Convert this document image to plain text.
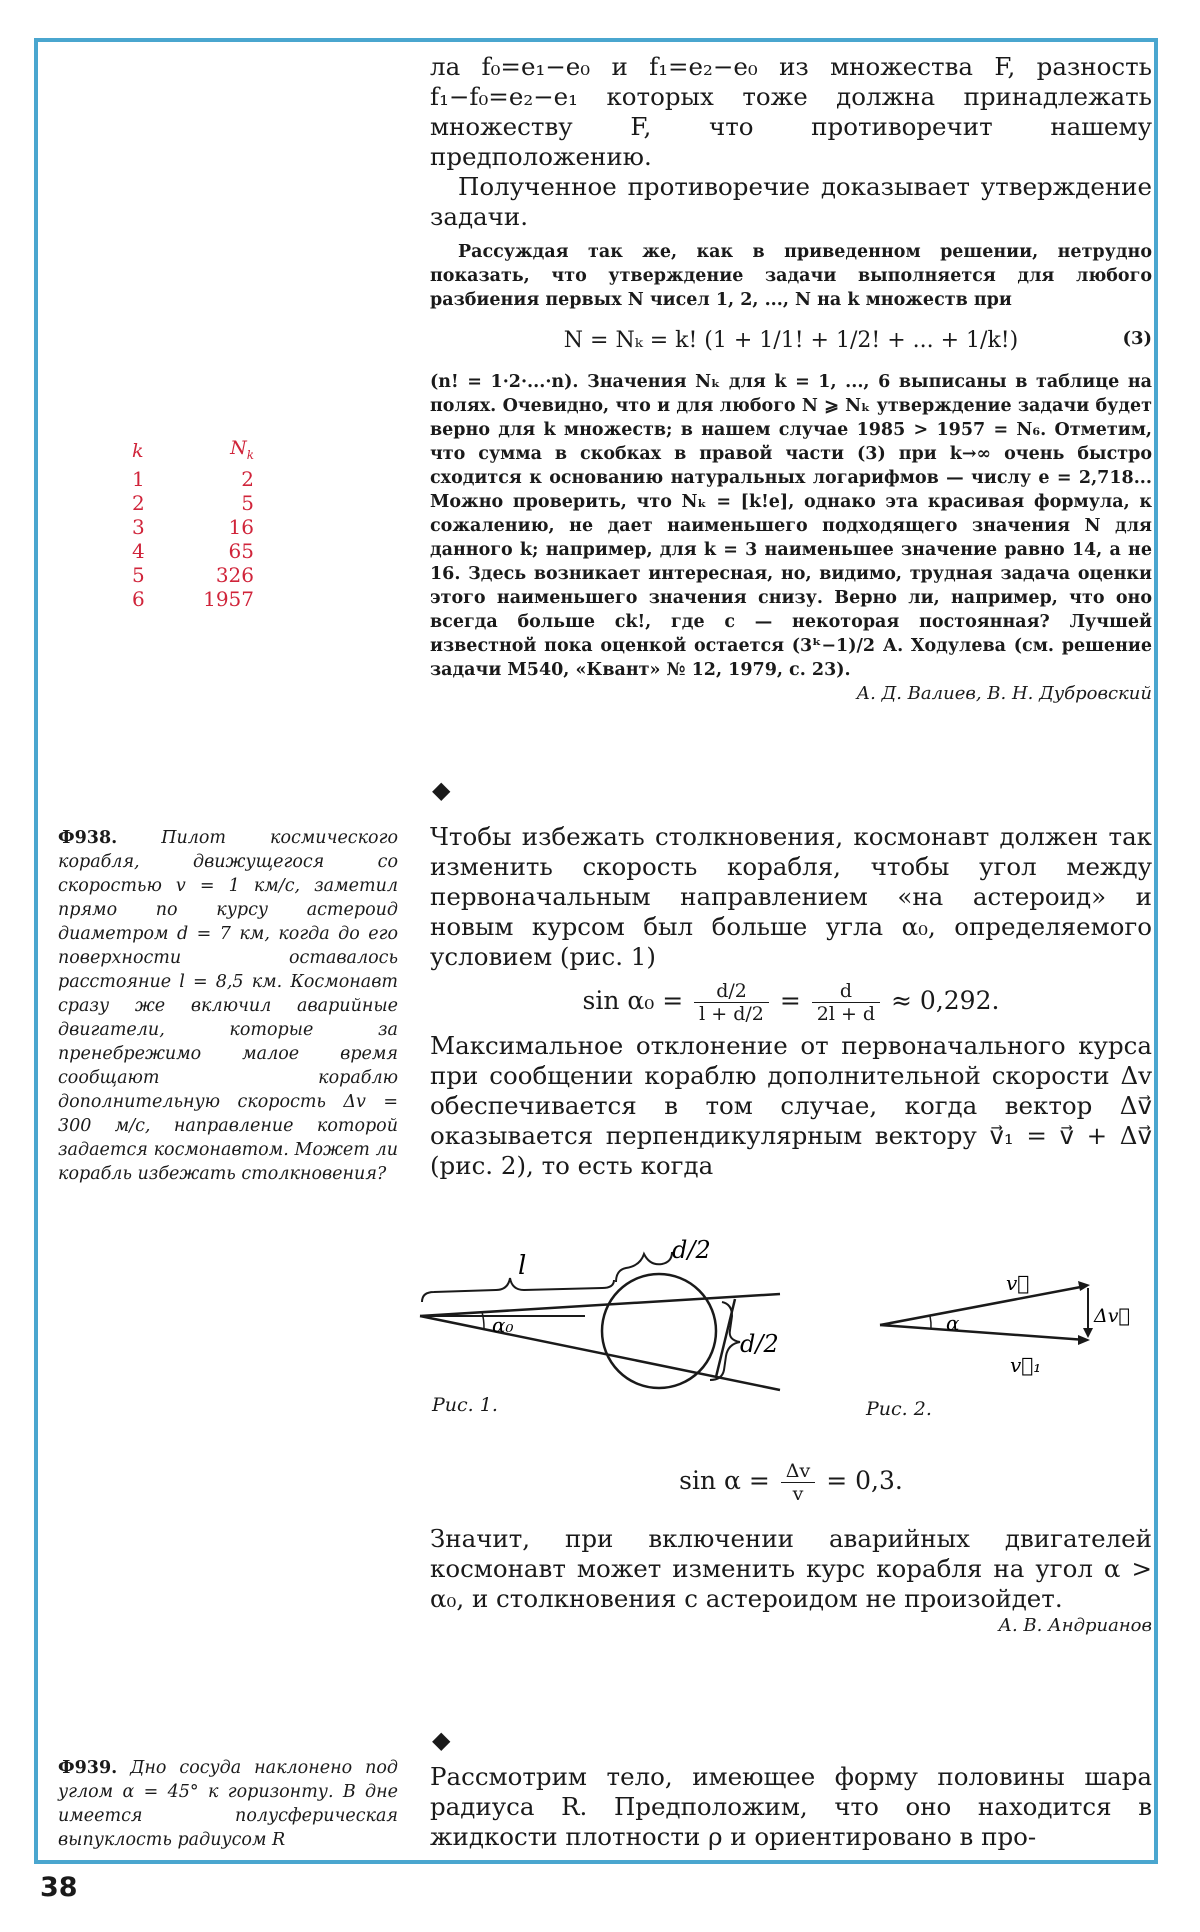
ла f₀=e₁−e₀ и f₁=e₂−e₀ из множества F, разность f₁−f₀=e₂−e₁ которых тоже должна принадлежать множеству F, что противоречит нашему предположению.

Полученное противоречие доказывает утверждение задачи.

Рассуждая так же, как в приведенном решении, нетрудно показать, что утверждение задачи выполняется для любого разбиения первых N чисел 1, 2, ..., N на k множеств при

N = Nₖ = k! (1 + 1/1! + 1/2! + ... + 1/k!)	(3)

(n! = 1·2·...·n). Значения Nₖ для k = 1, ..., 6 выписаны в таблице на полях. Очевидно, что и для любого N ⩾ Nₖ утверждение задачи будет верно для k множеств; в нашем случае 1985 > 1957 = N₆. Отметим, что сумма в скобках в правой части (3) при k→∞ очень быстро сходится к основанию натуральных логарифмов — числу e = 2,718... Можно проверить, что Nₖ = [k!e], однако эта красивая формула, к сожалению, не дает наименьшего подходящего значения N для данного k; например, для k = 3 наименьшее значение равно 14, а не 16. Здесь возникает интересная, но, видимо, трудная задача оценки этого наименьшего значения снизу. Верно ли, например, что оно всегда больше ck!, где c — некоторая постоянная? Лучшей известной пока оценкой остается (3ᵏ−1)/2 А. Ходулева (см. решение задачи М540, «Квант» № 12, 1979, с. 23).

А. Д. Валиев, В. Н. Дубровский
k	$N_k$
1	2
2	5
3	16
4	65
5	326
6	1957
◆
Ф938.	Пилот космического корабля, движущегося со скоростью v = 1 км/с, заметил прямо по курсу астероид диаметром d = 7 км, когда до его поверхности оставалось расстояние l = 8,5 км. Космонавт сразу же включил аварийные двигатели, которые за пренебрежимо малое время сообщают кораблю дополнительную скорость Δv = 300 м/с, направление которой задается космонавтом. Может ли корабль избежать столкновения?

Чтобы избежать столкновения, космонавт должен так изменить скорость корабля, чтобы угол между первоначальным направлением «на астероид» и новым курсом был больше угла α₀, определяемого условием (рис. 1)

$\sin \alpha_0 = \frac{d/2}{l + d/2} = \frac{d}{2l + d} \approx 0,292$.

Максимальное отклонение от первоначального курса при сообщении кораблю дополнительной скорости Δv обеспечивается в том случае, когда вектор Δv⃗ оказывается перпендикулярным вектору v⃗₁ = v⃗ + Δv⃗ (рис. 2), то есть когда

l
α₀
d/2
d/2
v⃗
v⃗₁
Δv⃗
α
Рис. 1.	Рис. 2.
$\sin \alpha = \frac{\Delta v}{v} = 0,3$.

Значит, при включении аварийных двигателей космонавт может изменить курс корабля на угол α > α₀, и столкновения с астероидом не произойдет.

А. В. Андрианов
◆
Ф939. Дно сосуда наклонено под углом α = 45° к горизонту. В дне имеется полусферическая выпуклость радиусом R

Рассмотрим тело, имеющее форму половины шара радиуса R. Предположим, что оно находится в жидкости плотности ρ и ориентировано в про-

38
